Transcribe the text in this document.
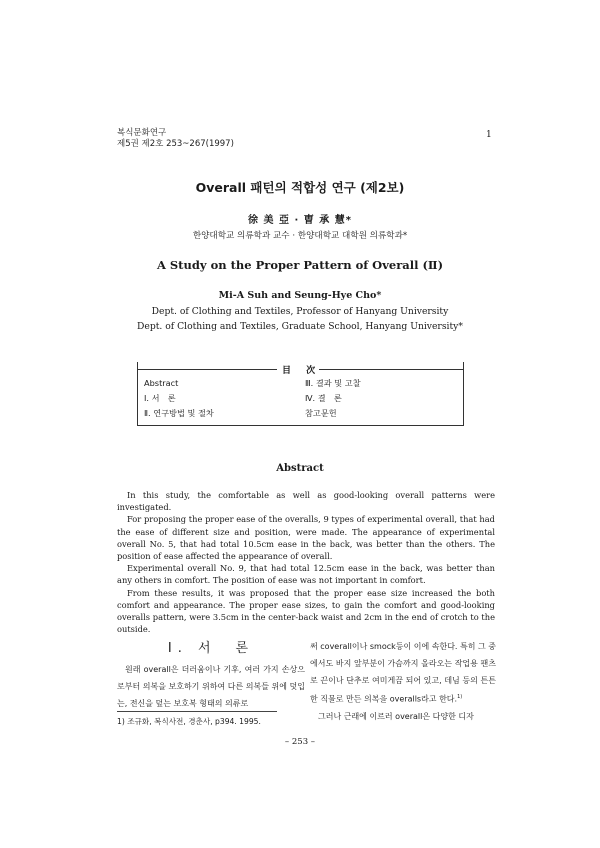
복식문화연구
제5권 제2호 253~267(1997)
1
Overall 패턴의 적합성 연구 (제2보)
徐 美 亞 · 曺 承 慧*
한양대학교 의류학과 교수 · 한양대학교 대학원 의류학과*
A Study on the Proper Pattern of Overall (Ⅱ)
Mi-A Suh and Seung-Hye Cho*
Dept. of Clothing and Textiles, Professor of Hanyang University
Dept. of Clothing and Textiles, Graduate School, Hanyang University*
目 次
Abstract
Ⅰ. 서　론
Ⅱ. 연구방법 및 절차
Ⅲ. 결과 및 고찰
Ⅳ. 결　론
참고문헌
Abstract

In this study, the comfortable as well as good-looking overall patterns were investigated.

For proposing the proper ease of the overalls, 9 types of experimental overall, that had the ease of different size and position, were made. The appearance of experimental overall No. 5, that had total 10.5cm ease in the back, was better than the others. The position of ease affected the appearance of overall.

Experimental overall No. 9, that had total 12.5cm ease in the back, was better than any others in comfort. The position of ease was not important in comfort.

From these results, it was proposed that the proper ease size increased the both comfort and appearance. The proper ease sizes, to gain the comfort and good-looking overalls pattern, were 3.5cm in the center-back waist and 2cm in the end of crotch to the outside.

Ⅰ. 서　론

원래 overall은 더러움이나 기후, 여러 가지 손상으로부터 의복을 보호하기 위하여 다른 의복들 위에 덧입는, 전신을 덮는 보호복 형태의 의류로

써 coverall이나 smock등이 이에 속한다. 특히 그 중에서도 바지 앞부분이 가슴까지 올라오는 작업용 팬츠로 끈이나 단추로 여미게끔 되어 있고, 데님 등의 튼튼한 직물로 만든 의복을 overalls라고 한다.$^{1)}$

그러나 근래에 이르러 overall은 다양한 디자

1) 조규화, 복식사전, 경춘사, p394. 1995.
– 253 –
